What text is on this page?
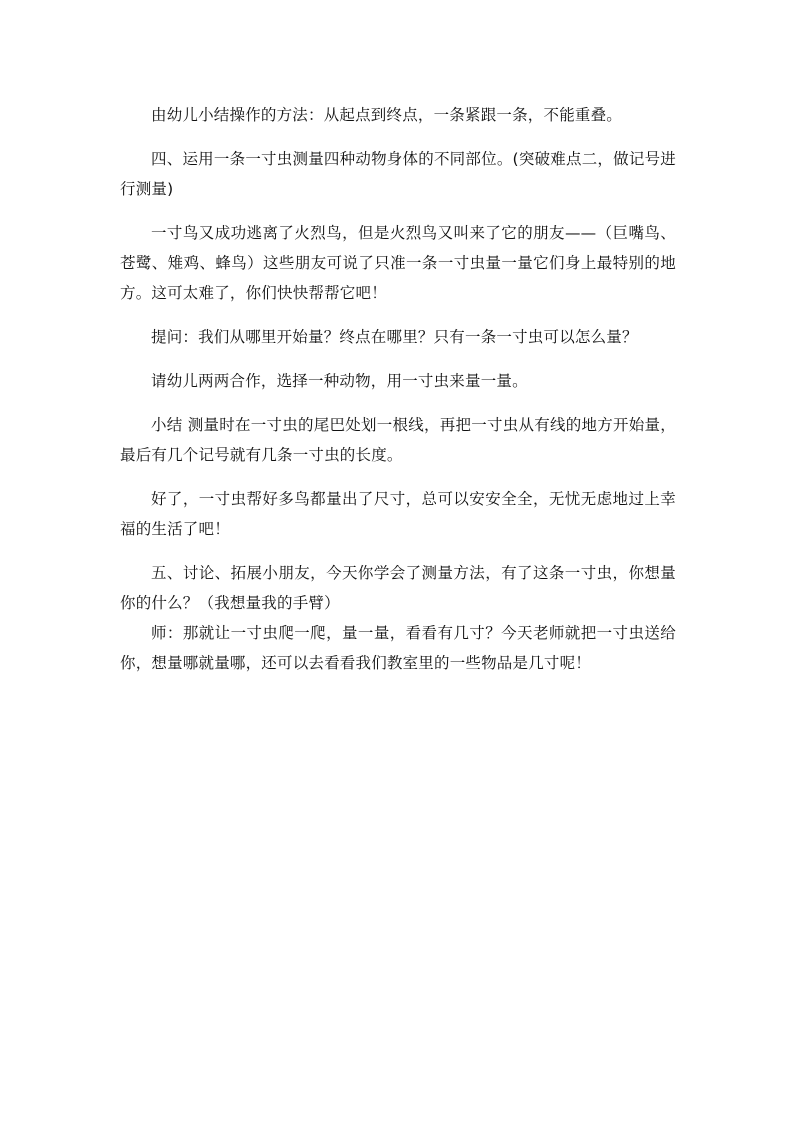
由幼儿小结操作的方法：从起点到终点，一条紧跟一条，不能重叠。

四、运用一条一寸虫测量四种动物身体的不同部位。(突破难点二，做记号进行测量)

一寸鸟又成功逃离了火烈鸟，但是火烈鸟又叫来了它的朋友——（巨嘴鸟、苍鹭、雉鸡、蜂鸟）这些朋友可说了只准一条一寸虫量一量它们身上最特别的地方。这可太难了，你们快快帮帮它吧！

提问：我们从哪里开始量？终点在哪里？只有一条一寸虫可以怎么量？

请幼儿两两合作，选择一种动物，用一寸虫来量一量。

小结 测量时在一寸虫的尾巴处划一根线，再把一寸虫从有线的地方开始量，最后有几个记号就有几条一寸虫的长度。

好了，一寸虫帮好多鸟都量出了尺寸，总可以安安全全，无忧无虑地过上幸福的生活了吧！

五、讨论、拓展小朋友，今天你学会了测量方法，有了这条一寸虫，你想量你的什么？（我想量我的手臂）

师：那就让一寸虫爬一爬，量一量，看看有几寸？今天老师就把一寸虫送给你，想量哪就量哪，还可以去看看我们教室里的一些物品是几寸呢！
